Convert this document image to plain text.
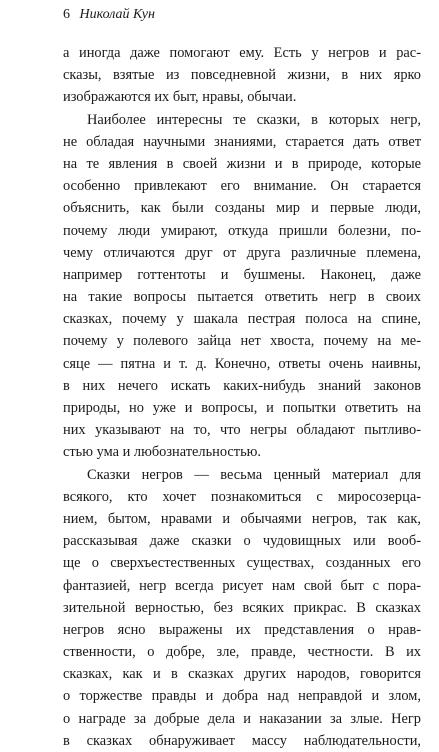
6 Николай Кун
а иногда даже помогают ему. Есть у негров и рас-
сказы, взятые из повседневной жизни, в них ярко
изображаются их быт, нравы, обычаи.
Наиболее интересны те сказки, в которых негр,
не обладая научными знаниями, старается дать ответ
на те явления в своей жизни и в природе, которые
особенно привлекают его внимание. Он старается
объяснить, как были созданы мир и первые люди,
почему люди умирают, откуда пришли болезни, по-
чему отличаются друг от друга различные племена,
например готтентоты и бушмены. Наконец, даже
на такие вопросы пытается ответить негр в своих
сказках, почему у шакала пестрая полоса на спине,
почему у полевого зайца нет хвоста, почему на ме-
сяце — пятна и т. д. Конечно, ответы очень наивны,
в них нечего искать каких-нибудь знаний законов
природы, но уже и вопросы, и попытки ответить на
них указывают на то, что негры обладают пытливо-
стью ума и любознательностью.
Сказки негров — весьма ценный материал для
всякого, кто хочет познакомиться с миросозерца-
нием, бытом, нравами и обычаями негров, так как,
рассказывая даже сказки о чудовищных или вооб-
ще о сверхъестественных существах, созданных его
фантазией, негр всегда рисует нам свой быт с пора-
зительной верностью, без всяких прикрас. В сказках
негров ясно выражены их представления о нрав-
ственности, о добре, зле, правде, честности. В их
сказках, как и в сказках других народов, говорится
о торжестве правды и добра над неправдой и злом,
о награде за добрые дела и наказании за злые. Негр
в сказках обнаруживает массу наблюдательности,
